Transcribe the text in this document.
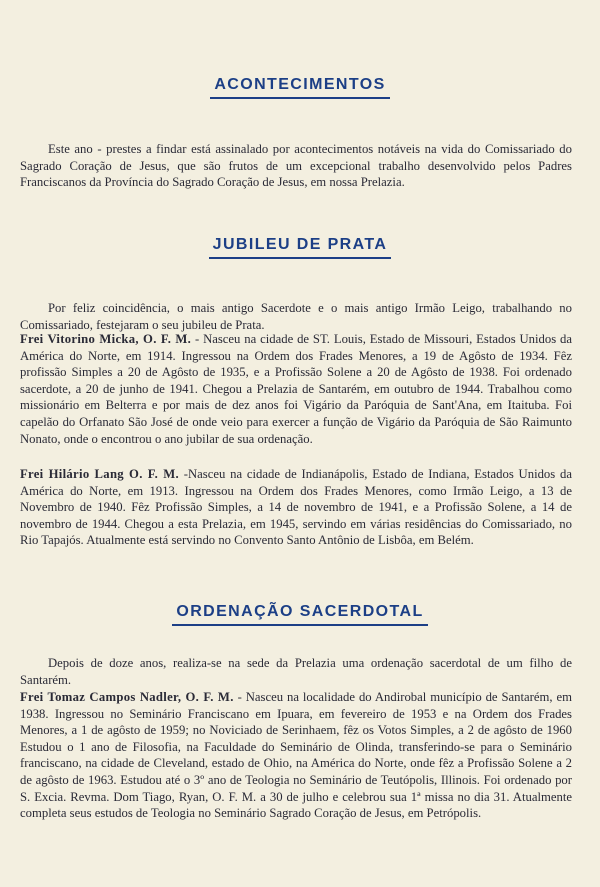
ACONTECIMENTOS

Este ano - prestes a findar está assinalado por acontecimentos notáveis na vida do Comissariado do Sagrado Coração de Jesus, que são frutos de um excepcional trabalho desenvolvido pelos Padres Franciscanos da Província do Sagrado Coração de Jesus, em nossa Prelazia.

JUBILEU DE PRATA

Por feliz coincidência, o mais antigo Sacerdote e o mais antigo Irmão Leigo, trabalhando no Comissariado, festejaram o seu jubileu de Prata.

Frei Vitorino Micka, O. F. M. - Nasceu na cidade de ST. Louis, Estado de Missouri, Estados Unidos da América do Norte, em 1914. Ingressou na Ordem dos Frades Menores, a 19 de Agôsto de 1934. Fêz profissão Simples a 20 de Agôsto de 1935, e a Profissão Solene a 20 de Agôsto de 1938. Foi ordenado sacerdote, a 20 de junho de 1941. Chegou a Prelazia de Santarém, em outubro de 1944. Trabalhou como missionário em Belterra e por mais de dez anos foi Vigário da Paróquia de Sant'Ana, em Itaituba. Foi capelão do Orfanato São José de onde veio para exercer a função de Vigário da Paróquia de São Raimunto Nonato, onde o encontrou o ano jubilar de sua ordenação.

Frei Hilário Lang O. F. M. -Nasceu na cidade de Indianápolis, Estado de Indiana, Estados Unidos da América do Norte, em 1913. Ingressou na Ordem dos Frades Menores, como Irmão Leigo, a 13 de Novembro de 1940. Fêz Profissão Simples, a 14 de novembro de 1941, e a Profissão Solene, a 14 de novembro de 1944. Chegou a esta Prelazia, em 1945, servindo em várias residências do Comissariado, no Rio Tapajós. Atualmente está servindo no Convento Santo Antônio de Lisbôa, em Belém.

ORDENAÇÃO SACERDOTAL

Depois de doze anos, realiza-se na sede da Prelazia uma ordenação sacerdotal de um filho de Santarém.

Frei Tomaz Campos Nadler, O. F. M. - Nasceu na localidade do Andirobal município de Santarém, em 1938. Ingressou no Seminário Franciscano em Ipuara, em fevereiro de 1953 e na Ordem dos Frades Menores, a 1 de agôsto de 1959; no Noviciado de Serinhaem, fêz os Votos Simples, a 2 de agôsto de 1960 Estudou o 1 ano de Filosofia, na Faculdade do Seminário de Olinda, transferindo-se para o Seminário franciscano, na cidade de Cleveland, estado de Ohio, na América do Norte, onde fêz a Profissão Solene a 2 de agôsto de 1963. Estudou até o 3º ano de Teologia no Seminário de Teutópolis, Illinois. Foi ordenado por S. Excia. Revma. Dom Tiago, Ryan, O. F. M. a 30 de julho e celebrou sua 1ª missa no dia 31. Atualmente completa seus estudos de Teologia no Seminário Sagrado Coração de Jesus, em Petrópolis.
